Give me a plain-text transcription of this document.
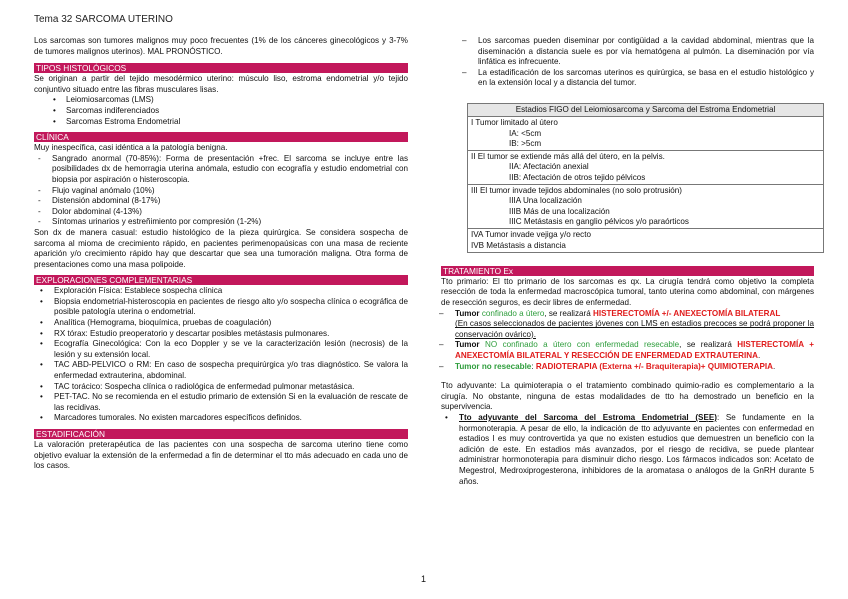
Tema 32 SARCOMA UTERINO

Los sarcomas son tumores malignos muy poco frecuentes (1% de los cánceres ginecológicos y 3-7% de tumores malignos uterinos). MAL PRONÓSTICO.

TIPOS HISTOLÓGICOS

Se originan a partir del tejido mesodérmico uterino: músculo liso, estroma endometrial y/o tejido conjuntivo situado entre las fibras musculares lisas.

• Leiomiosarcomas (LMS)
• Sarcomas indiferenciados
• Sarcomas Estroma Endometrial
CLÍNICA

Muy inespecífica, casi idéntica a la patología benigna.

- Sangrado anormal (70-85%): Forma de presentación +frec. El sarcoma se incluye entre las posibilidades dx de hemorragia uterina anómala, estudio con ecografía y estudio endometrial con biopsia por aspiración o histeroscopia.
- Flujo vaginal anómalo (10%)
- Distensión abdominal (8-17%)
- Dolor abdominal (4-13%)
- Síntomas urinarios y estreñimiento por compresión (1-2%)

Son dx de manera casual: estudio histológico de la pieza quirúrgica. Se considera sospecha de sarcoma al mioma de crecimiento rápido, en pacientes perimenopaúsicas con una masa de reciente aparición y/o crecimiento rápido hay que descartar que sea una tumoración maligna. Otra forma de presentaciones como una masa polipoide.

EXPLORACIONES COMPLEMENTARIAS
• Exploración Física: Establece sospecha clínica
• Biopsia endometrial-histeroscopia en pacientes de riesgo alto y/o sospecha clínica o ecográfica de posible patología uterina o endometrial.
• Analítica (Hemograma, bioquímica, pruebas de coagulación)
• RX tórax: Estudio preoperatorio y descartar posibles metástasis pulmonares.
• Ecografía Ginecológica: Con la eco Doppler y se ve la caracterización lesión (necrosis) de la lesión y su extensión local.
• TAC ABD-PELVICO o RM: En caso de sospecha prequirúrgica y/o tras diagnóstico. Se valora la enfermedad extrauterina, abdominal.
• TAC torácico: Sospecha clínica o radiológica de enfermedad pulmonar metastásica.
• PET-TAC. No se recomienda en el estudio primario de extensión Si en la evaluación de rescate de las recidivas.
• Marcadores tumorales. No existen marcadores específicos definidos.
ESTADIFICACIÓN

La valoración preterapéutica de las pacientes con una sospecha de sarcoma uterino tiene como objetivo evaluar la extensión de la enfermedad a fin de determinar el tto más adecuado en cada uno de los casos.

– Los sarcomas pueden diseminar por contigüidad a la cavidad abdominal, mientras que la diseminación a distancia suele es por vía hematógena al pulmón. La diseminación por vía linfática es infrecuente.
– La estadificación de los sarcomas uterinos es quirúrgica, se basa en el estudio histológico y en la extensión local y a distancia del tumor.
Estadios FIGO del Leiomiosarcoma y Sarcoma del Estroma Endometrial

I Tumor limitado al útero
IA: <5cm
IB: >5cm

II El tumor se extiende más allá del útero, en la pelvis.
IIA: Afectación anexial
IIB: Afectación de otros tejido pélvicos

III El tumor invade tejidos abdominales (no solo protrusión)
IIIA Una localización
IIIB Más de una localización
IIIC Metástasis en ganglio pélvicos y/o paraórticos

IVA Tumor invade vejiga y/o recto
IVB Metástasis a distancia
TRATAMIENTO Ex

Tto primario: El tto primario de los sarcomas es qx. La cirugía tendrá como objetivo la completa resección de toda la enfermedad macroscópica tumoral, tanto uterina como abdominal, con márgenes de resección seguros, es decir libres de enfermedad.

– Tumor confinado a útero, se realizará HISTERECTOMÍA +/- ANEXECTOMÍA BILATERAL
(En casos seleccionados de pacientes jóvenes con LMS en estadios precoces se podrá proponer la conservación ovárico).
– Tumor NO confinado a útero con enfermedad resecable, se realizará HISTERECTOMÍA + ANEXECTOMÍA BILATERAL Y RESECCIÓN DE ENFERMEDAD EXTRAUTERINA.
– Tumor no resecable: RADIOTERAPIA (Externa +/- Braquiterapia)+ QUIMIOTERAPIA.

Tto adyuvante: La quimioterapia o el tratamiento combinado quimio-radio es complementario a la cirugía. No obstante, ninguna de estas modalidades de tto ha demostrado un beneficio en la supervivencia.

• Tto adyuvante del Sarcoma del Estroma Endometrial (SEE): Se fundamente en la hormonoterapia. A pesar de ello, la indicación de tto adyuvante en pacientes con enfermedad en estadios I es muy controvertida ya que no existen estudios que demuestren un beneficio con la adición de este. En estadios más avanzados, por el riesgo de recidiva, se puede plantear administrar hormonoterapia para disminuir dicho riesgo. Los fármacos indicados son: Acetato de Megestrol, Medroxiprogesterona, inhibidores de la aromatasa o análogos de la GnRH durante 5 años.
1
